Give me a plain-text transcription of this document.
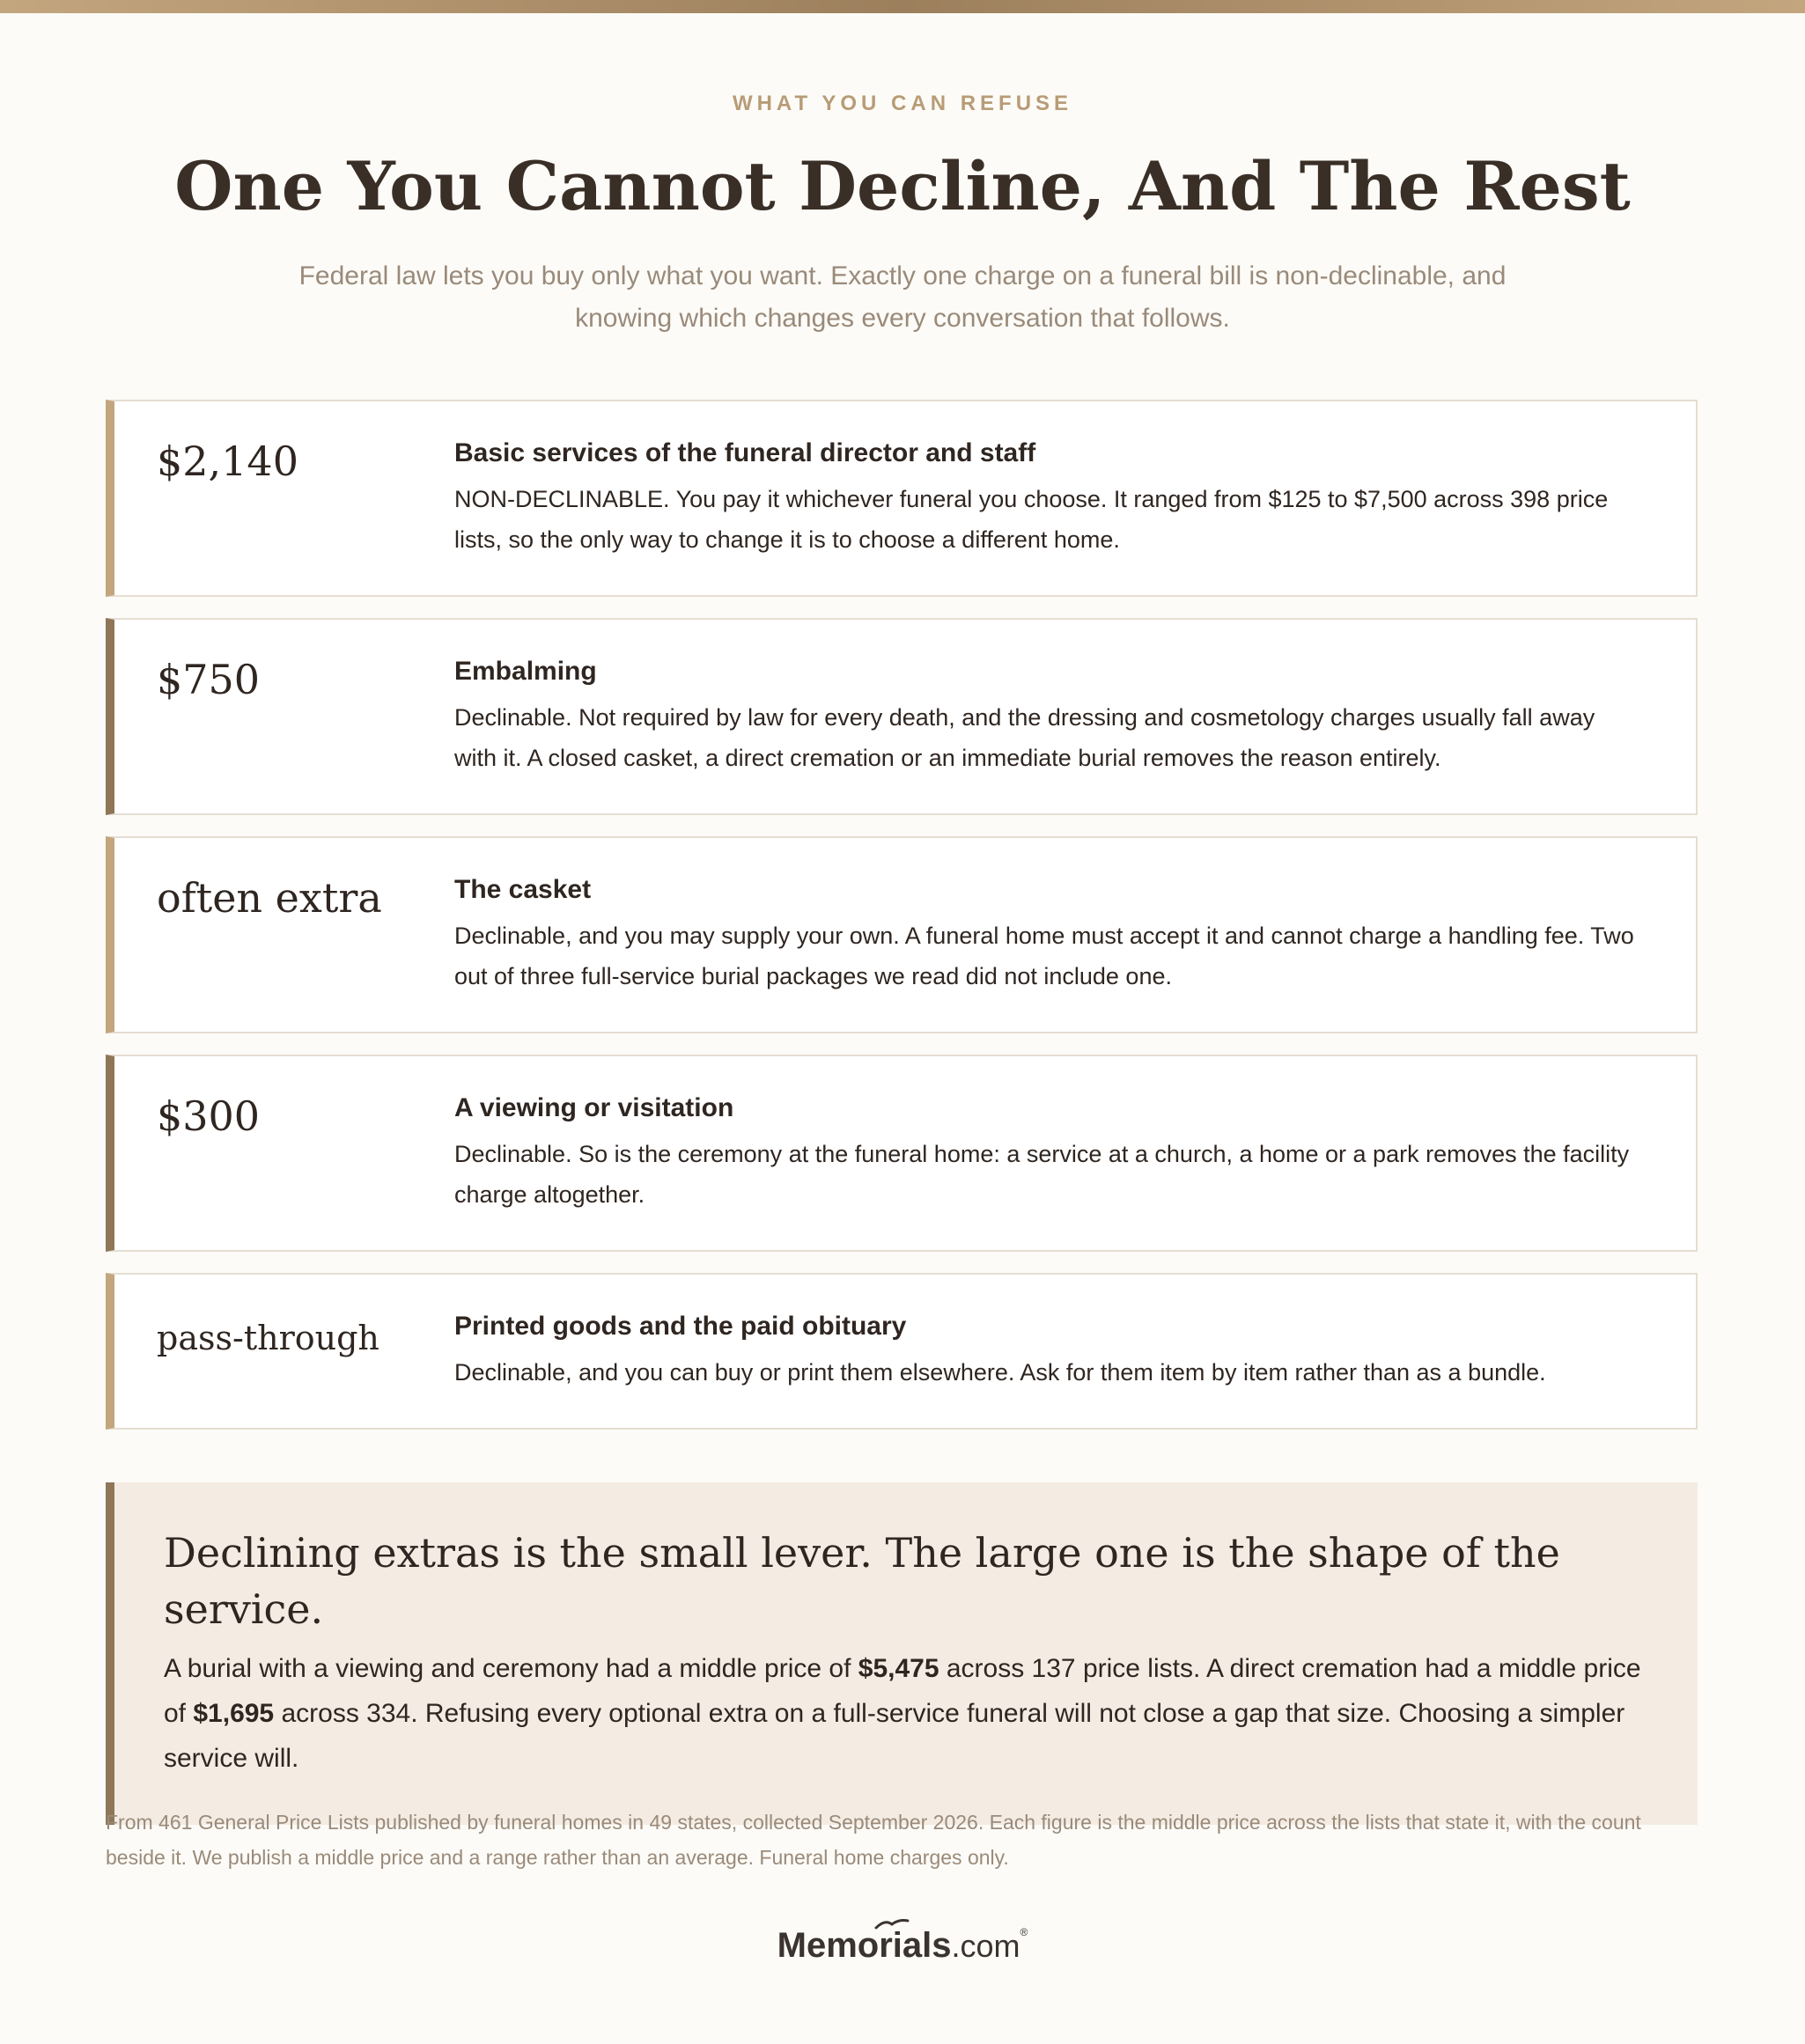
WHAT YOU CAN REFUSE
One You Cannot Decline, And The Rest

Federal law lets you buy only what you want. Exactly one charge on a funeral bill is non-declinable, and knowing which changes every conversation that follows.

$2,140	Basic services of the funeral director and staff

NON-DECLINABLE. You pay it whichever funeral you choose. It ranged from $125 to $7,500 across 398 price lists, so the only way to change it is to choose a different home.

$750	Embalming

Declinable. Not required by law for every death, and the dressing and cosmetology charges usually fall away with it. A closed casket, a direct cremation or an immediate burial removes the reason entirely.

often extra	The casket

Declinable, and you may supply your own. A funeral home must accept it and cannot charge a handling fee. Two out of three full-service burial packages we read did not include one.

$300	A viewing or visitation

Declinable. So is the ceremony at the funeral home: a service at a church, a home or a park removes the facility charge altogether.

pass-through	Printed goods and the paid obituary

Declinable, and you can buy or print them elsewhere. Ask for them item by item rather than as a bundle.

Declining extras is the small lever. The large one is the shape of the service.

A burial with a viewing and ceremony had a middle price of $5,475 across 137 price lists. A direct cremation had a middle price of $1,695 across 334. Refusing every optional extra on a full-service funeral will not close a gap that size. Choosing a simpler service will.

From 461 General Price Lists published by funeral homes in 49 states, collected September 2026. Each figure is the middle price across the lists that state it, with the count beside it. We publish a middle price and a range rather than an average. Funeral home charges only.

Memorials.com®
